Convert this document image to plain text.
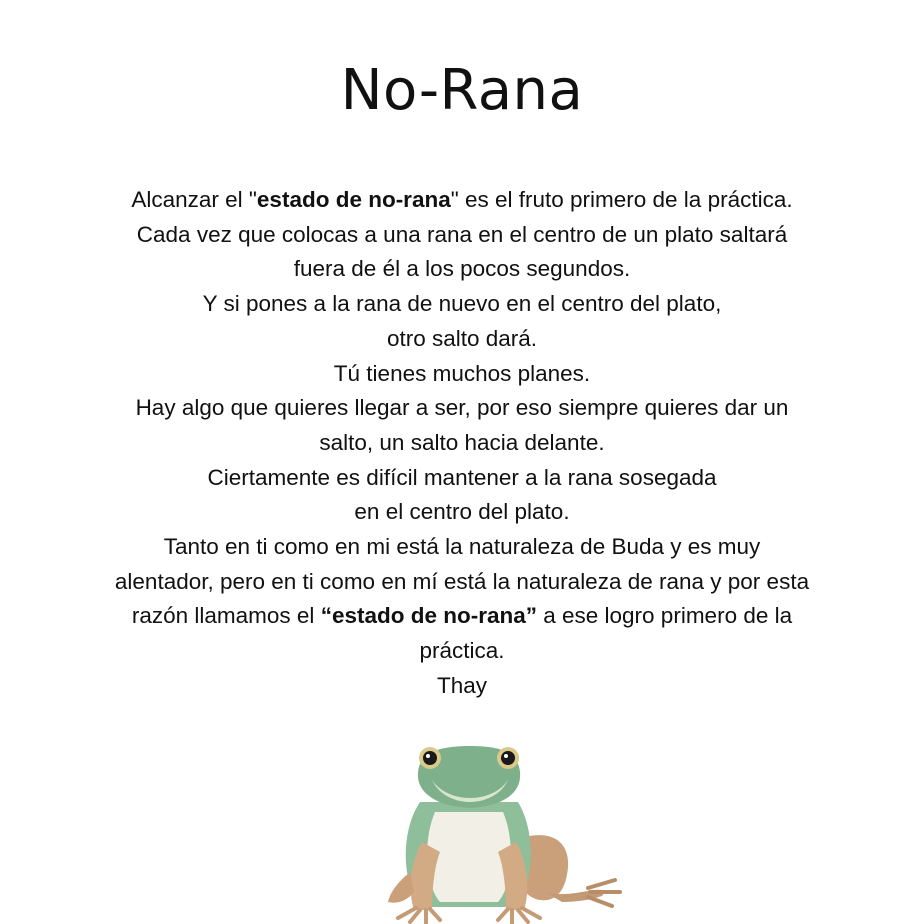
No-Rana
Alcanzar el "estado de no-rana" es el fruto primero de la práctica.
Cada vez que colocas a una rana en el centro de un plato saltará
fuera de él a los pocos segundos.
Y si pones a la rana de nuevo en el centro del plato,
otro salto dará.
Tú tienes muchos planes.
Hay algo que quieres llegar a ser, por eso siempre quieres dar un
salto, un salto hacia delante.
Ciertamente es difícil mantener a la rana sosegada
en el centro del plato.
Tanto en ti como en mi está la naturaleza de Buda y es muy
alentador, pero en ti como en mí está la naturaleza de rana y por esta
razón llamamos el “estado de no-rana” a ese logro primero de la
práctica.
Thay
